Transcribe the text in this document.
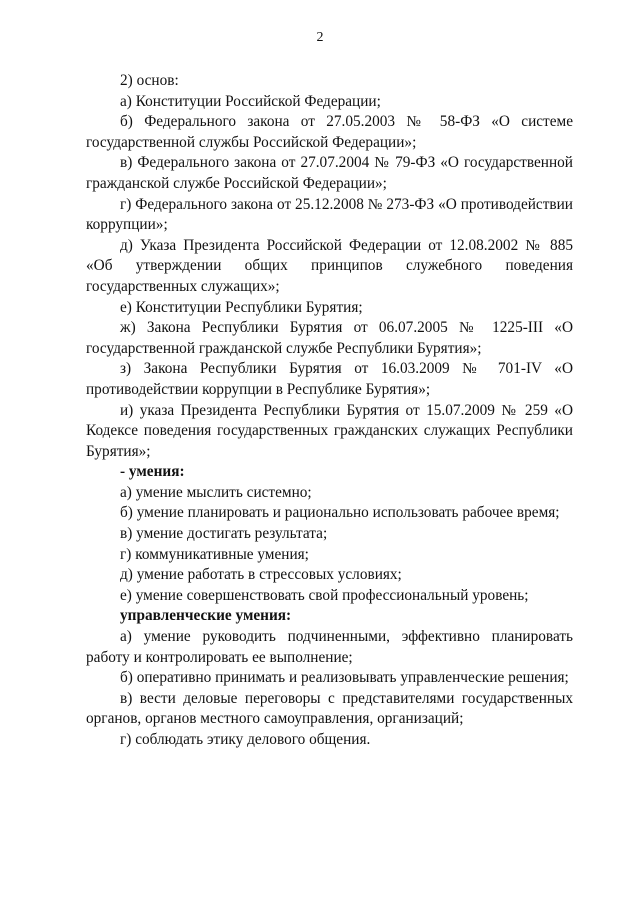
2

2) основ:

а) Конституции Российской Федерации;

б) Федерального закона от 27.05.2003 № 58-ФЗ «О системе государственной службы Российской Федерации»;

в) Федерального закона от 27.07.2004 № 79-ФЗ «О государственной гражданской службе Российской Федерации»;

г) Федерального закона от 25.12.2008 № 273-ФЗ «О противодействии коррупции»;

д) Указа Президента Российской Федерации от 12.08.2002 № 885 «Об утверждении общих принципов служебного поведения государственных служащих»;

е) Конституции Республики Бурятия;

ж) Закона Республики Бурятия от 06.07.2005 № 1225-III «О государственной гражданской службе Республики Бурятия»;

з) Закона Республики Бурятия от 16.03.2009 № 701-IV «О противодействии коррупции в Республике Бурятия»;

и) указа Президента Республики Бурятия от 15.07.2009 № 259 «О Кодексе поведения государственных гражданских служащих Республики Бурятия»;

- умения:

а) умение мыслить системно;

б) умение планировать и рационально использовать рабочее время;

в) умение достигать результата;

г) коммуникативные умения;

д) умение работать в стрессовых условиях;

е) умение совершенствовать свой профессиональный уровень;

управленческие умения:

а) умение руководить подчиненными, эффективно планировать работу и контролировать ее выполнение;

б) оперативно принимать и реализовывать управленческие решения;

в) вести деловые переговоры с представителями государственных органов, органов местного самоуправления, организаций;

г) соблюдать этику делового общения.
